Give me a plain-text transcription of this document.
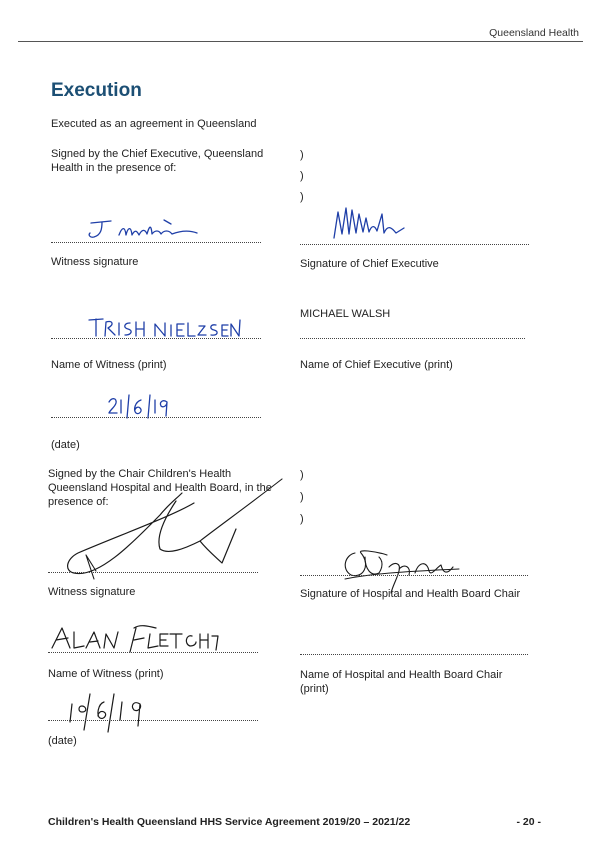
Queensland Health
Execution
Executed as an agreement in Queensland
Signed by the Chief Executive, Queensland Health in the presence of:
)
)
)
Witness signature	Signature of Chief Executive
Name of Witness (print)
MICHAEL WALSH
Name of Chief Executive (print)
(date)
Signed by the Chair Children's Health Queensland Hospital and Health Board, in the presence of:
)
)
)
Witness signature	Signature of Hospital and Health Board Chair
Name of Witness (print)	Name of Hospital and Health Board Chair (print)
(date)
Children's Health Queensland HHS Service Agreement 2019/20 – 2021/22	- 20 -
